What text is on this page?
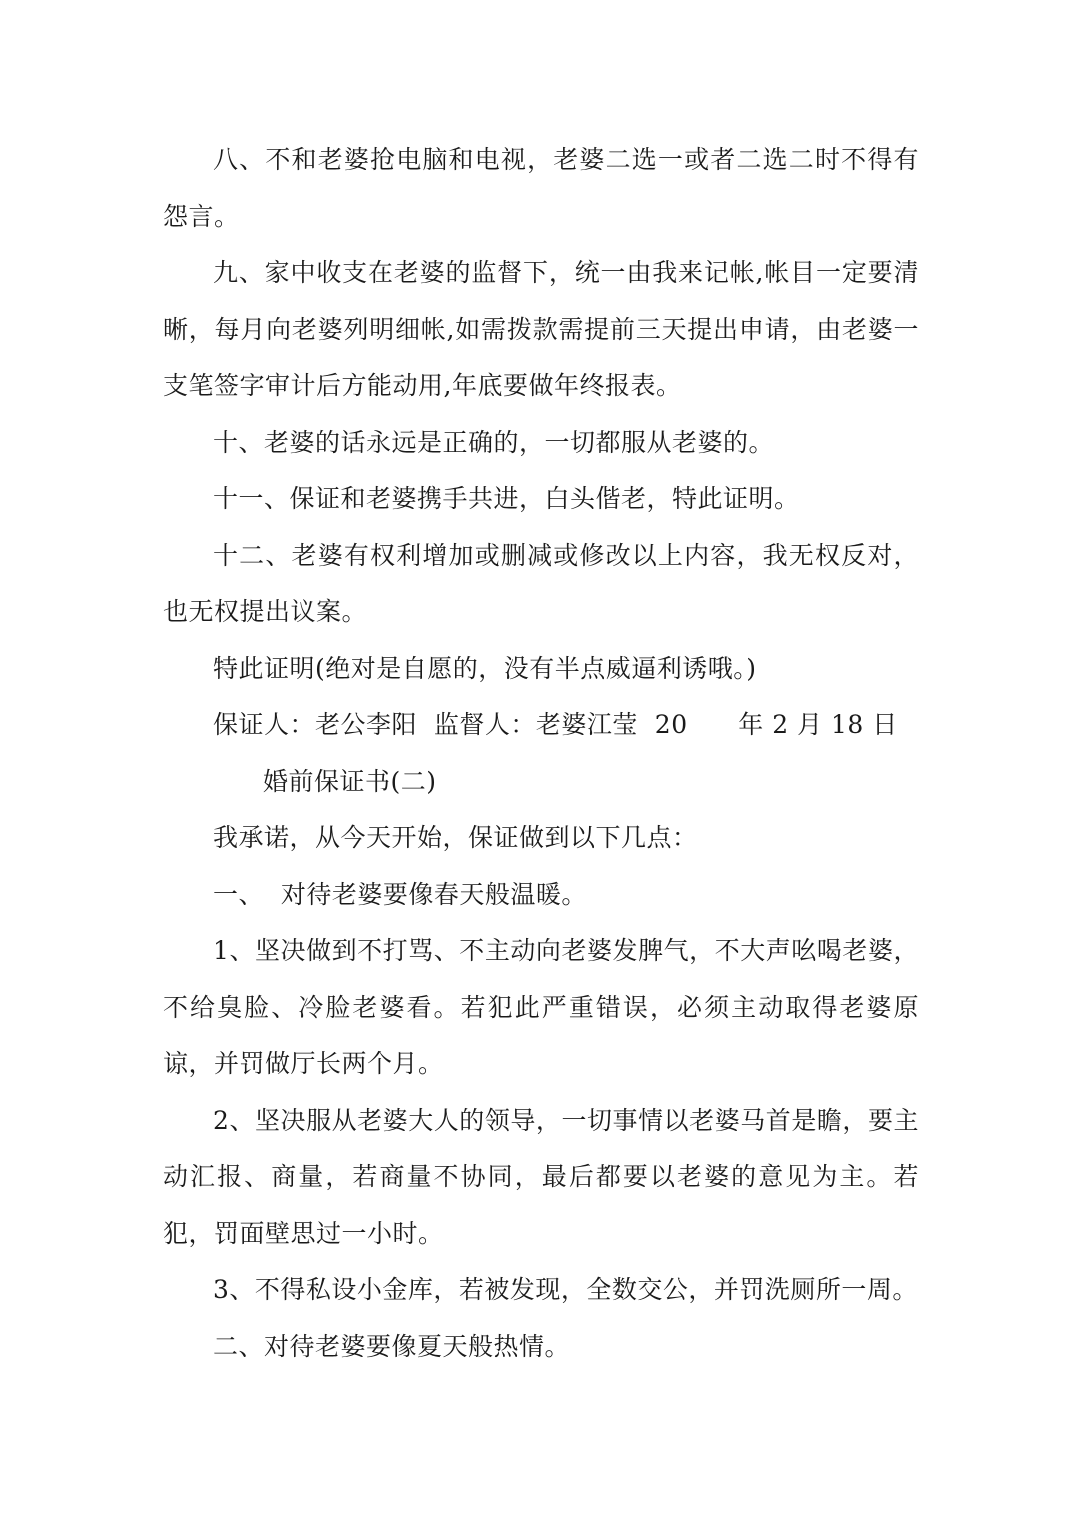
八、不和老婆抢电脑和电视，老婆二选一或者二选二时不得有怨言。

九、家中收支在老婆的监督下，统一由我来记帐,帐目一定要清晰，每月向老婆列明细帐,如需拨款需提前三天提出申请，由老婆一支笔签字审计后方能动用,年底要做年终报表。

十、老婆的话永远是正确的，一切都服从老婆的。

十一、保证和老婆携手共进，白头偕老，特此证明。

十二、老婆有权利增加或删减或修改以上内容，我无权反对，也无权提出议案。

特此证明(绝对是自愿的，没有半点威逼利诱哦。)

保证人：老公李阳  监督人：老婆江莹  20      年 2 月 18 日

婚前保证书(二)

我承诺，从今天开始，保证做到以下几点：

一、  对待老婆要像春天般温暖。

1、坚决做到不打骂、不主动向老婆发脾气，不大声吆喝老婆，不给臭脸、冷脸老婆看。若犯此严重错误，必须主动取得老婆原谅，并罚做厅长两个月。

2、坚决服从老婆大人的领导，一切事情以老婆马首是瞻，要主动汇报、商量，若商量不协同，最后都要以老婆的意见为主。若犯，罚面壁思过一小时。

3、不得私设小金库，若被发现，全数交公，并罚洗厕所一周。

二、对待老婆要像夏天般热情。
